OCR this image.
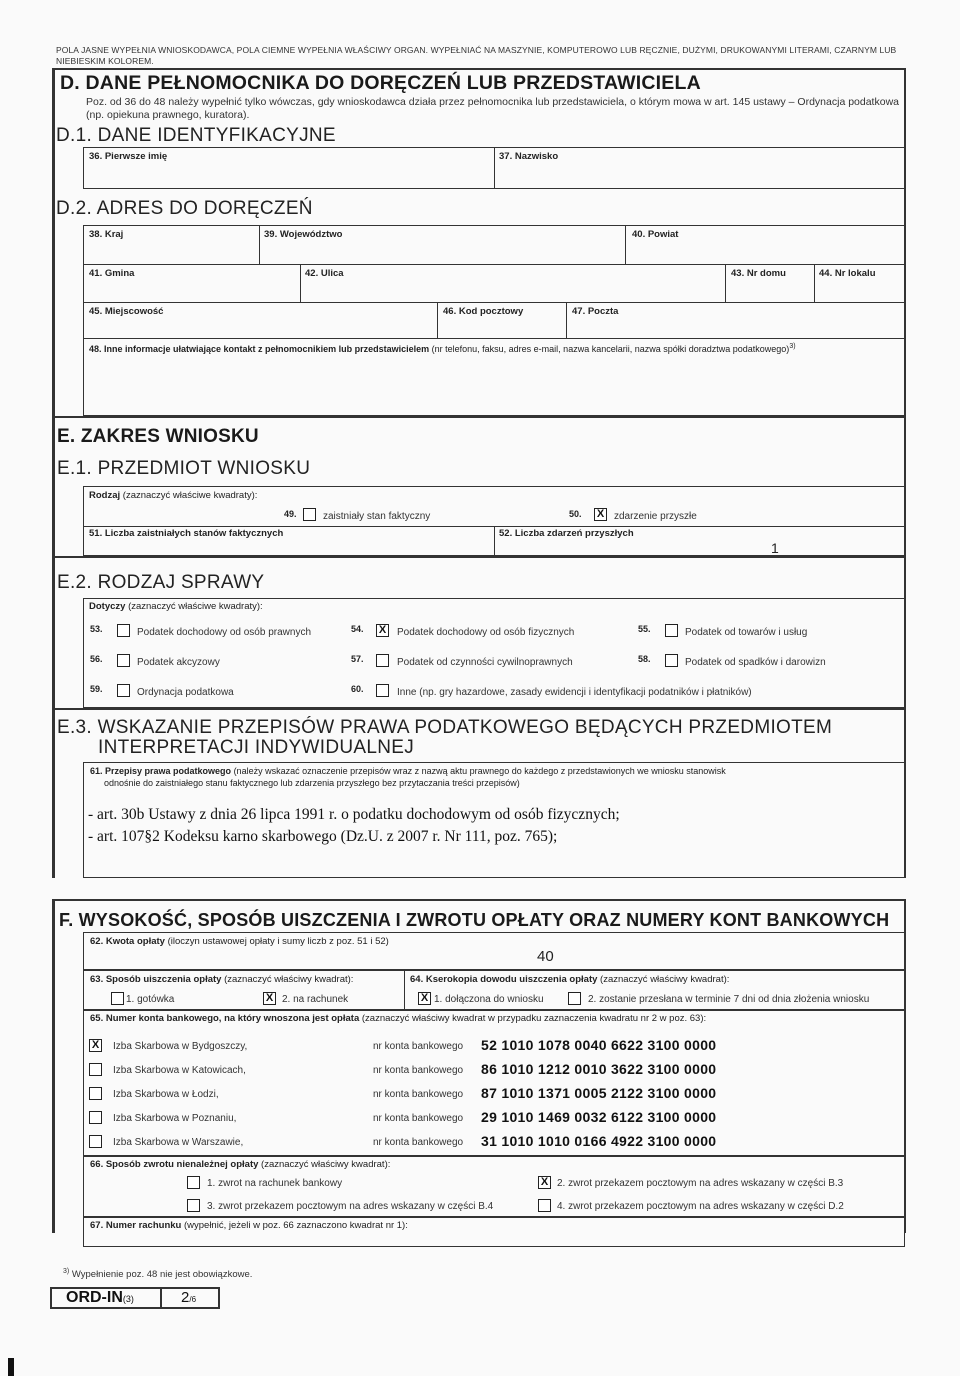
POLA JASNE WYPEŁNIA WNIOSKODAWCA, POLA CIEMNE WYPEŁNIA WŁAŚCIWY ORGAN. WYPEŁNIAĆ NA MASZYNIE, KOMPUTEROWO LUB RĘCZNIE, DUŻYMI, DRUKOWANYMI LITERAMI, CZARNYM LUB NIEBIESKIM KOLOREM.
D. DANE PEŁNOMOCNIKA DO DORĘCZEŃ LUB PRZEDSTAWICIELA
Poz. od 36 do 48 należy wypełnić tylko wówczas, gdy wnioskodawca działa przez pełnomocnika lub przedstawiciela, o którym mowa w art. 145 ustawy – Ordynacja podatkowa (np. opiekuna prawnego, kuratora).
D.1. DANE IDENTYFIKACYJNE
36. Pierwsze imię	37. Nazwisko
D.2. ADRES DO DORĘCZEŃ
38. Kraj	39. Województwo	40. Powiat
41. Gmina	42. Ulica	43. Nr domu	44. Nr lokalu
45. Miejscowość	46. Kod pocztowy	47. Poczta
48. Inne informacje ułatwiające kontakt z pełnomocnikiem lub przedstawicielem (nr telefonu, faksu, adres e-mail, nazwa kancelarii, nazwa spółki doradztwa podatkowego)$^{3)}$
E. ZAKRES WNIOSKU
E.1. PRZEDMIOT WNIOSKU
Rodzaj (zaznaczyć właściwe kwadraty):
49.	zaistniały stan faktyczny	50. X zdarzenie przyszłe
51. Liczba zaistniałych stanów faktycznych	52. Liczba zdarzeń przyszłych
1
E.2. RODZAJ SPRAWY
Dotyczy (zaznaczyć właściwe kwadraty):
53.	Podatek dochodowy od osób prawnych	54. X Podatek dochodowy od osób fizycznych	55.	Podatek od towarów i usług
56.	Podatek akcyzowy	57.	Podatek od czynności cywilnoprawnych	58.	Podatek od spadków i darowizn
59.	Ordynacja podatkowa	60.	Inne (np. gry hazardowe, zasady ewidencji i identyfikacji podatników i płatników)
E.3. WSKAZANIE PRZEPISÓW PRAWA PODATKOWEGO BĘDĄCYCH PRZEDMIOTEM
INTERPRETACJI INDYWIDUALNEJ
61. Przepisy prawa podatkowego (należy wskazać oznaczenie przepisów wraz z nazwą aktu prawnego do każdego z przedstawionych we wniosku stanowisk
odnośnie do zaistniałego stanu faktycznego lub zdarzenia przyszłego bez przytaczania treści przepisów)
- art. 30b Ustawy z dnia 26 lipca 1991 r. o podatku dochodowym od osób fizycznych;
- art. 107§2 Kodeksu karno skarbowego (Dz.U. z 2007 r. Nr 111, poz. 765);
F. WYSOKOŚĆ, SPOSÓB UISZCZENIA I ZWROTU OPŁATY ORAZ NUMERY KONT BANKOWYCH
62. Kwota opłaty (iloczyn ustawowej opłaty i sumy liczb z poz. 51 i 52)
40
63. Sposób uiszczenia opłaty (zaznaczyć właściwy kwadrat):	64. Kserokopia dowodu uiszczenia opłaty (zaznaczyć właściwy kwadrat):
1. gotówka	X 2. na rachunek	X 1. dołączona do wniosku	2. zostanie przesłana w terminie 7 dni od dnia złożenia wniosku
65. Numer konta bankowego, na który wnoszona jest opłata (zaznaczyć właściwy kwadrat w przypadku zaznaczenia kwadratu nr 2 w poz. 63):
X Izba Skarbowa w Bydgoszczy,	nr konta bankowego 52 1010 1078 0040 6622 3100 0000
Izba Skarbowa w Katowicach,	nr konta bankowego 86 1010 1212 0010 3622 3100 0000
Izba Skarbowa w Łodzi,	nr konta bankowego 87 1010 1371 0005 2122 3100 0000
Izba Skarbowa w Poznaniu,	nr konta bankowego 29 1010 1469 0032 6122 3100 0000
Izba Skarbowa w Warszawie,	nr konta bankowego 31 1010 1010 0166 4922 3100 0000
66. Sposób zwrotu nienależnej opłaty (zaznaczyć właściwy kwadrat):
1. zwrot na rachunek bankowy	X 2. zwrot przekazem pocztowym na adres wskazany w części B.3
3. zwrot przekazem pocztowym na adres wskazany w części B.4	4. zwrot przekazem pocztowym na adres wskazany w części D.2
67. Numer rachunku (wypełnić, jeżeli w poz. 66 zaznaczono kwadrat nr 1):
$^{3)}$ Wypełnienie poz. 48 nie jest obowiązkowe.
ORD-IN(3)	2/6
